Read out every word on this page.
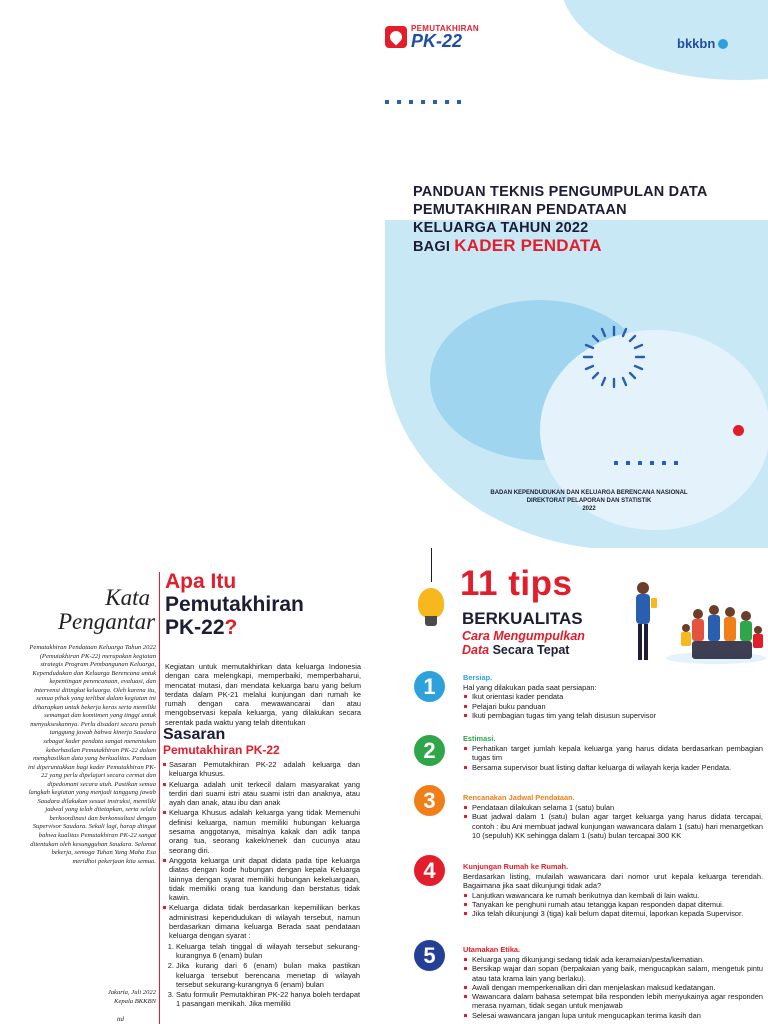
PEMUTAKHIRAN
PK-22	bkkbn
PANDUAN TEKNIS PENGUMPULAN DATA
PEMUTAKHIRAN PENDATAAN
KELUARGA TAHUN 2022
BAGI KADER PENDATA
BADAN KEPENDUDUKAN DAN KELUARGA BERENCANA NASIONAL
DIREKTORAT PELAPORAN DAN STATISTIK
2022
Kata
Pengantar

Pemutakhiran Pendataan Keluarga Tahun 2022 (Pemutakhiran PK-22) merupakan kegiatan strategis Program Pembangunan Keluarga, Kependudukan dan Keluarga Berencana untuk kepentingan perencanaan, evaluasi, dan intervensi ditingkat keluarga. Oleh karena itu, semua pihak yang terlibat dalam kegiatan ini diharapkan untuk bekerja keras serta memiliki semangat dan komitmen yang tinggi untuk menyukseskannya. Perlu disadari secara penuh tanggung jawab bahwa kinerja Saudara sebagai kader pendata sangat menentukan keberhasilan Pemutakhiran PK-22 dalam menghasilkan data yang berkualitas. Panduan ini diperuntukkan bagi kader Pemutakhiran PK-22 yang perlu dipelajari secara cermat dan dipedomani secara utuh. Pastikan semua langkah kegiatan yang menjadi tanggung jawab Saudara dilakukan sesuai instruksi, memiliki jadwal yang telah ditetapkan, serta selalu berkoordinasi dan berkonsultasi dengan Supervisor Saudara. Sekali lagi, harap diingat bahwa kualitas Pemutakhiran PK-22 sangat ditentukan oleh kesungguhan Saudara. Selamat bekerja, semoga Tuhan Yang Maha Esa meridhoi pekerjaan kita semua.

Jakarta, Juli 2022
Kepala BKKBN
ttd
Apa Itu
Pemutakhiran
PK-22?
Kegiatan untuk memutakhirkan data keluarga Indonesia dengan cara melengkapi, memperbaiki, memperbaharui, mencatat mutasi, dan mendata keluarga baru yang belum terdata dalam PK-21 melalui kunjungan dari rumah ke rumah dengan cara mewawancarai dan atau mengobservasi kepala keluarga, yang dilakukan secara serentak pada waktu yang telah ditentukan
Sasaran
Pemutakhiran PK-22
Sasaran Pemutakhiran PK-22 adalah keluarga dan keluarga khusus.
Keluarga adalah unit terkecil dalam masyarakat yang terdiri dari suami istri atau suami istri dan anaknya, atau ayah dan anak, atau ibu dan anak
Keluarga Khusus adalah keluarga yang tidak Memenuhi definisi keluarga, namun memiliki hubungan keluarga sesama anggotanya, misalnya kakak dan adik tanpa orang tua, seorang kakek/nenek dan cucunya atau seorang diri.
Anggota keluarga unit dapat didata pada tipe keluarga diatas dengan kode hubungan dengan kepala Keluarga lainnya dengan syarat memiliki hubungan kekeluargaan, tidak memiliki orang tua kandung dan berstatus tidak kawin.
Keluarga didata tidak berdasarkan kepemilikan berkas administrasi kependudukan di wilayah tersebut, namun berdasarkan dimana keluarga Berada saat pendataan keluarga dengan syarat :
1. Keluarga telah tinggal di wilayah tersebut sekurang-kurangnya 6 (enam) bulan
2. Jika kurang dari 6 (enam) bulan maka pastikan keluarga tersebut berencana menetap di wilayah tersebut sekurang-kurangnya 6 (enam) bulan
3. Satu formulir Pemutakhiran PK-22 hanya boleh terdapat 1 pasangan menikah. Jika memiliki
11 tips
BERKUALITAS
Cara Mengumpulkan
Data Secara Tepat
1	Bersiap.
Hal yang dilakukan pada saat persiapan:
Ikut orientasi kader pendata
Pelajari buku panduan
Ikuti pembagian tugas tim yang telah disusun supervisor
2	Estimasi.
Perhatikan target jumlah kepala keluarga yang harus didata berdasarkan pembagian tugas tim
Bersama supervisor buat listing daftar keluarga di wilayah kerja kader Pendata.
3	Rencanakan Jadwal Pendataan.
Pendataan dilakukan selama 1 (satu) bulan
Buat jadwal dalam 1 (satu) bulan agar target keluarga yang harus didata tercapai, contoh : ibu Ani membuat jadwal kunjungan wawancara dalam 1 (satu) hari menargetkan 10 (sepuluh) KK sehingga dalam 1 (satu) bulan tercapai 300 KK
4	Kunjungan Rumah ke Rumah.
Berdasarkan listing, mulailah wawancara dari nomor urut kepala keluarga terendah. Bagaimana jika saat dikunjungi tidak ada?
Lanjutkan wawancara ke rumah berikutnya dan kembali di lain waktu.
Tanyakan ke penghuni rumah atau tetangga kapan responden dapat ditemui.
Jika telah dikunjungi 3 (tiga) kali belum dapat ditemui, laporkan kepada Supervisor.
5	Utamakan Etika.
Keluarga yang dikunjungi sedang tidak ada keramaian/pesta/kematian.
Bersikap wajar dan sopan (berpakaian yang baik, mengucapkan salam, mengetuk pintu atau tata krama lain yang berlaku).
Awali dengan memperkenalkan diri dan menjelaskan maksud kedatangan.
Wawancara dalam bahasa setempat bila responden lebih menyukainya agar responden merasa nyaman, tidak segan untuk menjawab
Selesai wawancara jangan lupa untuk mengucapkan terima kasih dan
